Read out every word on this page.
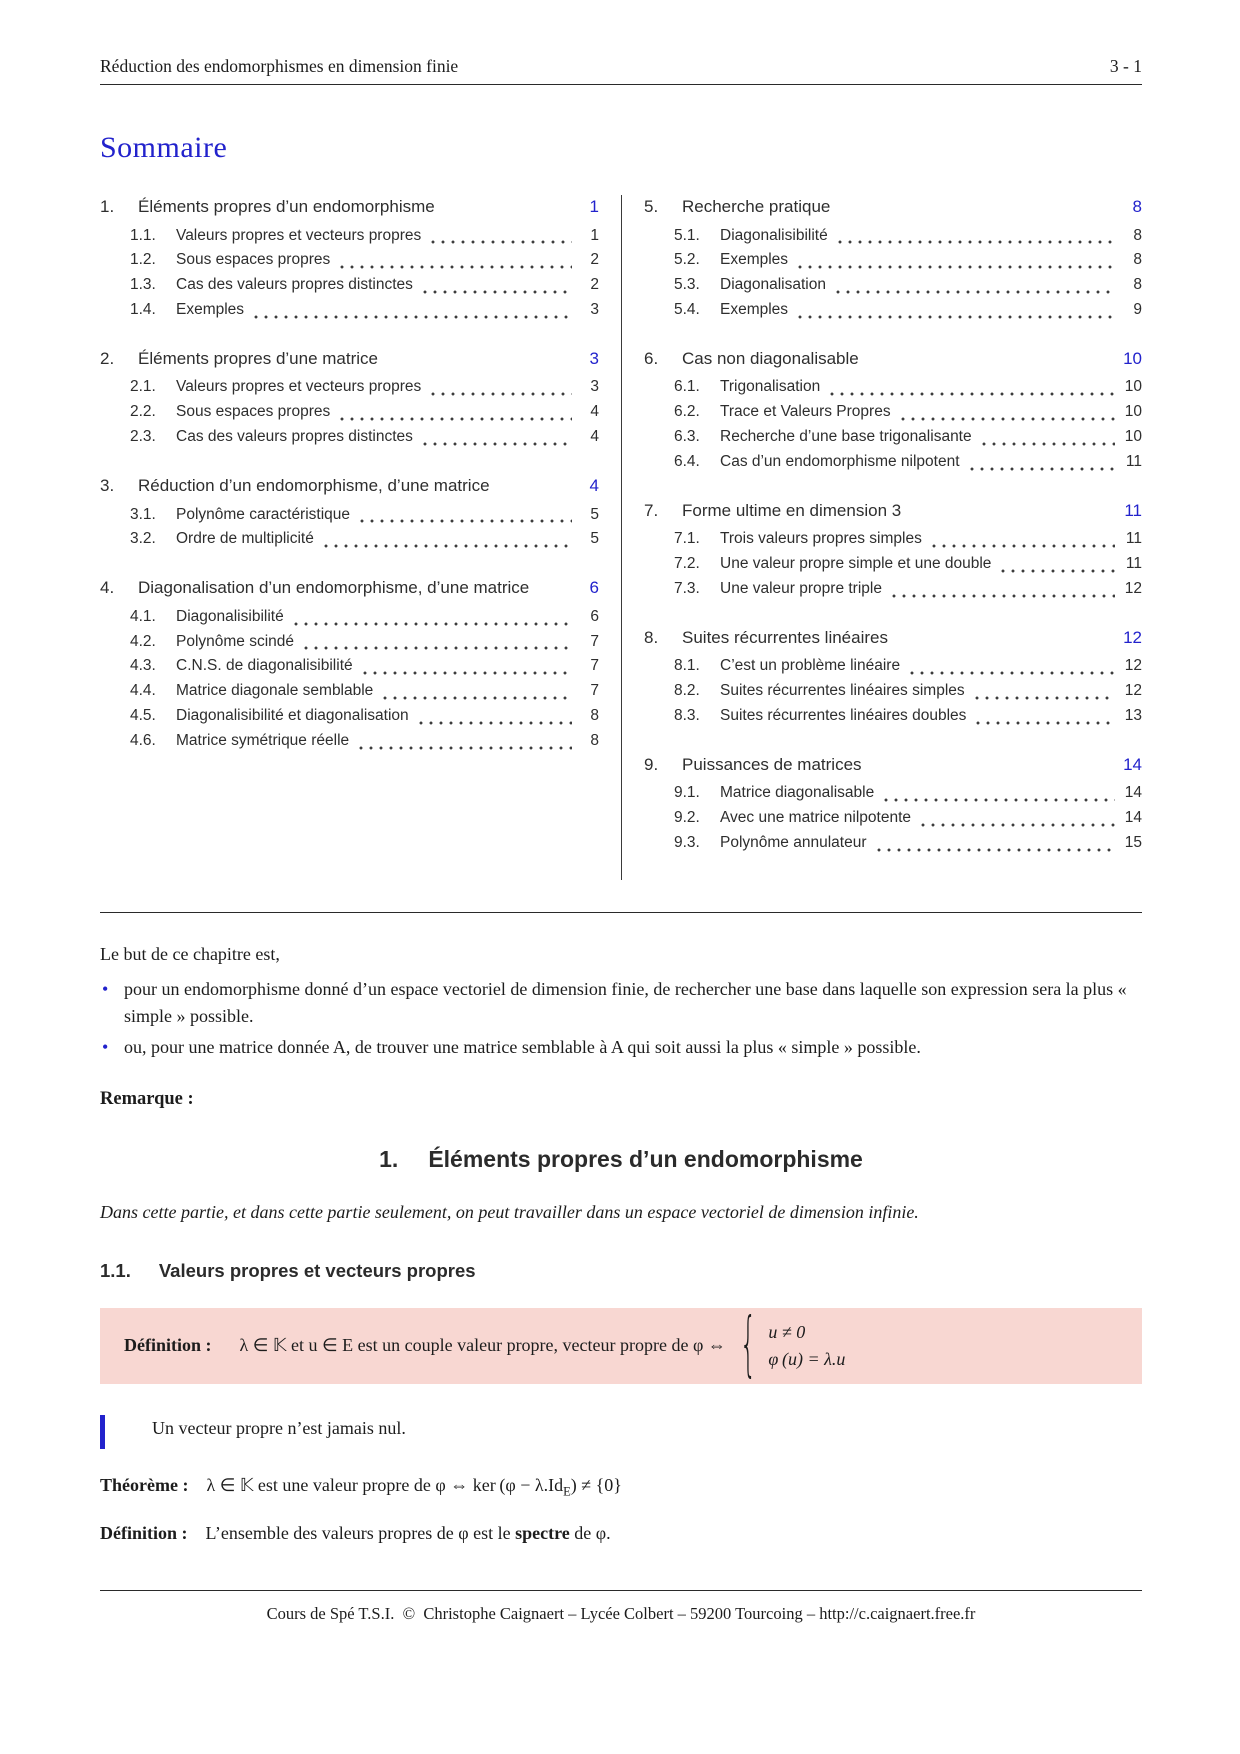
Réduction des endomorphismes en dimension finie	3 - 1
Sommaire
1.	Éléments propres d’un endomorphisme	1
1.1.	Valeurs propres et vecteurs propres	1
1.2.	Sous espaces propres	2
1.3.	Cas des valeurs propres distinctes	2
1.4.	Exemples	3
2.	Éléments propres d’une matrice	3
2.1.	Valeurs propres et vecteurs propres	3
2.2.	Sous espaces propres	4
2.3.	Cas des valeurs propres distinctes	4
3.	Réduction d’un endomorphisme, d’une matrice	4
3.1.	Polynôme caractéristique	5
3.2.	Ordre de multiplicité	5
4.	Diagonalisation d’un endomorphisme, d’une matrice	6
4.1.	Diagonalisibilité	6
4.2.	Polynôme scindé	7
4.3.	C.N.S. de diagonalisibilité	7
4.4.	Matrice diagonale semblable	7
4.5.	Diagonalisibilité et diagonalisation	8
4.6.	Matrice symétrique réelle	8
5.	Recherche pratique	8
5.1.	Diagonalisibilité	8
5.2.	Exemples	8
5.3.	Diagonalisation	8
5.4.	Exemples	9
6.	Cas non diagonalisable	10
6.1.	Trigonalisation	10
6.2.	Trace et Valeurs Propres	10
6.3.	Recherche d’une base trigonalisante	10
6.4.	Cas d’un endomorphisme nilpotent	11
7.	Forme ultime en dimension 3	11
7.1.	Trois valeurs propres simples	11
7.2.	Une valeur propre simple et une double	11
7.3.	Une valeur propre triple	12
8.	Suites récurrentes linéaires	12
8.1.	C’est un problème linéaire	12
8.2.	Suites récurrentes linéaires simples	12
8.3.	Suites récurrentes linéaires doubles	13
9.	Puissances de matrices	14
9.1.	Matrice diagonalisable	14
9.2.	Avec une matrice nilpotente	14
9.3.	Polynôme annulateur	15

Le but de ce chapitre est,

•
pour un endomorphisme donné d’un espace vectoriel de dimension finie, de rechercher une base dans laquelle son expression sera la plus « simple » possible.
•
ou, pour une matrice donnée A, de trouver une matrice semblable à A qui soit aussi la plus « simple » possible.

Remarque :

1. Éléments propres d’un endomorphisme

Dans cette partie, et dans cette partie seulement, on peut travailler dans un espace vectoriel de dimension infinie.

1.1. Valeurs propres et vecteurs propres
Définition : λ ∈ 𝕂 et u ∈ E est un couple valeur propre, vecteur propre de φ ⇔ { u ≠ 0
φ (u) = λ.u
Un vecteur propre n’est jamais nul.

Théorème : λ ∈ 𝕂 est une valeur propre de φ ⇔ ker $(\varphi - \lambda.Id_E) \ne \{0\}$

Définition : L’ensemble des valeurs propres de φ est le spectre de φ.

Cours de Spé T.S.I.  ©  Christophe Caignaert – Lycée Colbert – 59200 Tourcoing – http://c.caignaert.free.fr
